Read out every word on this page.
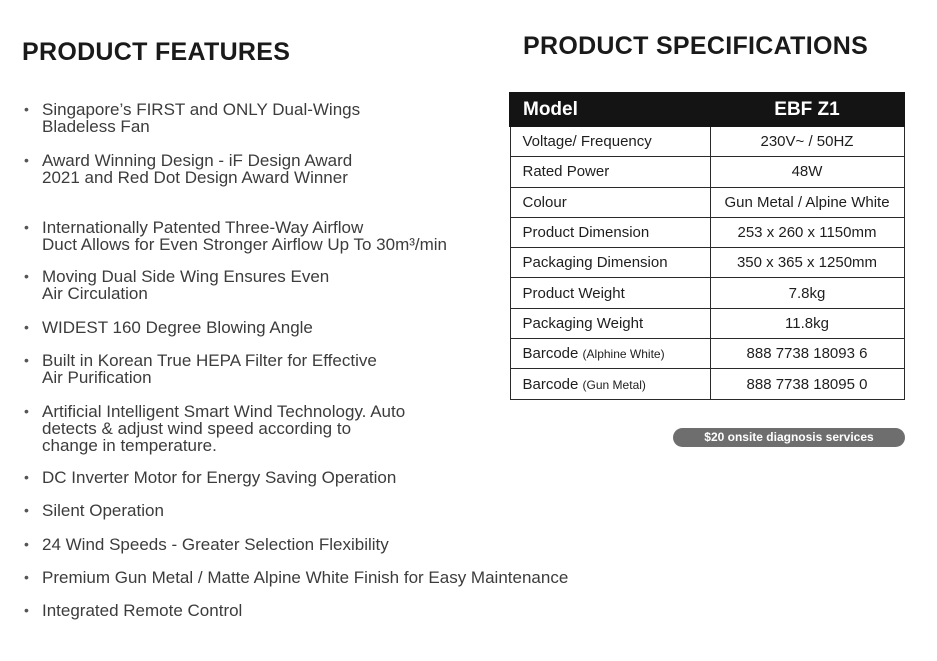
PRODUCT FEATURES	PRODUCT SPECIFICATIONS
• Singapore’s FIRST and ONLY Dual-Wings
Bladeless Fan
• Award Winning Design - iF Design Award
2021 and Red Dot Design Award Winner
• Internationally Patented Three-Way Airflow
Duct Allows for Even Stronger Airflow Up To 30m³/min
• Moving Dual Side Wing Ensures Even
Air Circulation
• WIDEST 160 Degree Blowing Angle
• Built in Korean True HEPA Filter for Effective
Air Purification
• Artificial Intelligent Smart Wind Technology. Auto
detects & adjust wind speed according to
change in temperature.
• DC Inverter Motor for Energy Saving Operation
• Silent Operation
• 24 Wind Speeds - Greater Selection Flexibility
• Premium Gun Metal / Matte Alpine White Finish for Easy Maintenance
• Integrated Remote Control
Model	EBF Z1
Voltage/ Frequency	230V~ / 50HZ
Rated Power	48W
Colour	Gun Metal / Alpine White
Product Dimension	253 x 260 x 1150mm
Packaging Dimension	350 x 365 x 1250mm
Product Weight	7.8kg
Packaging Weight	11.8kg
Barcode (Alphine White)	888 7738 18093 6
Barcode (Gun Metal)	888 7738 18095 0
$20 onsite diagnosis services
